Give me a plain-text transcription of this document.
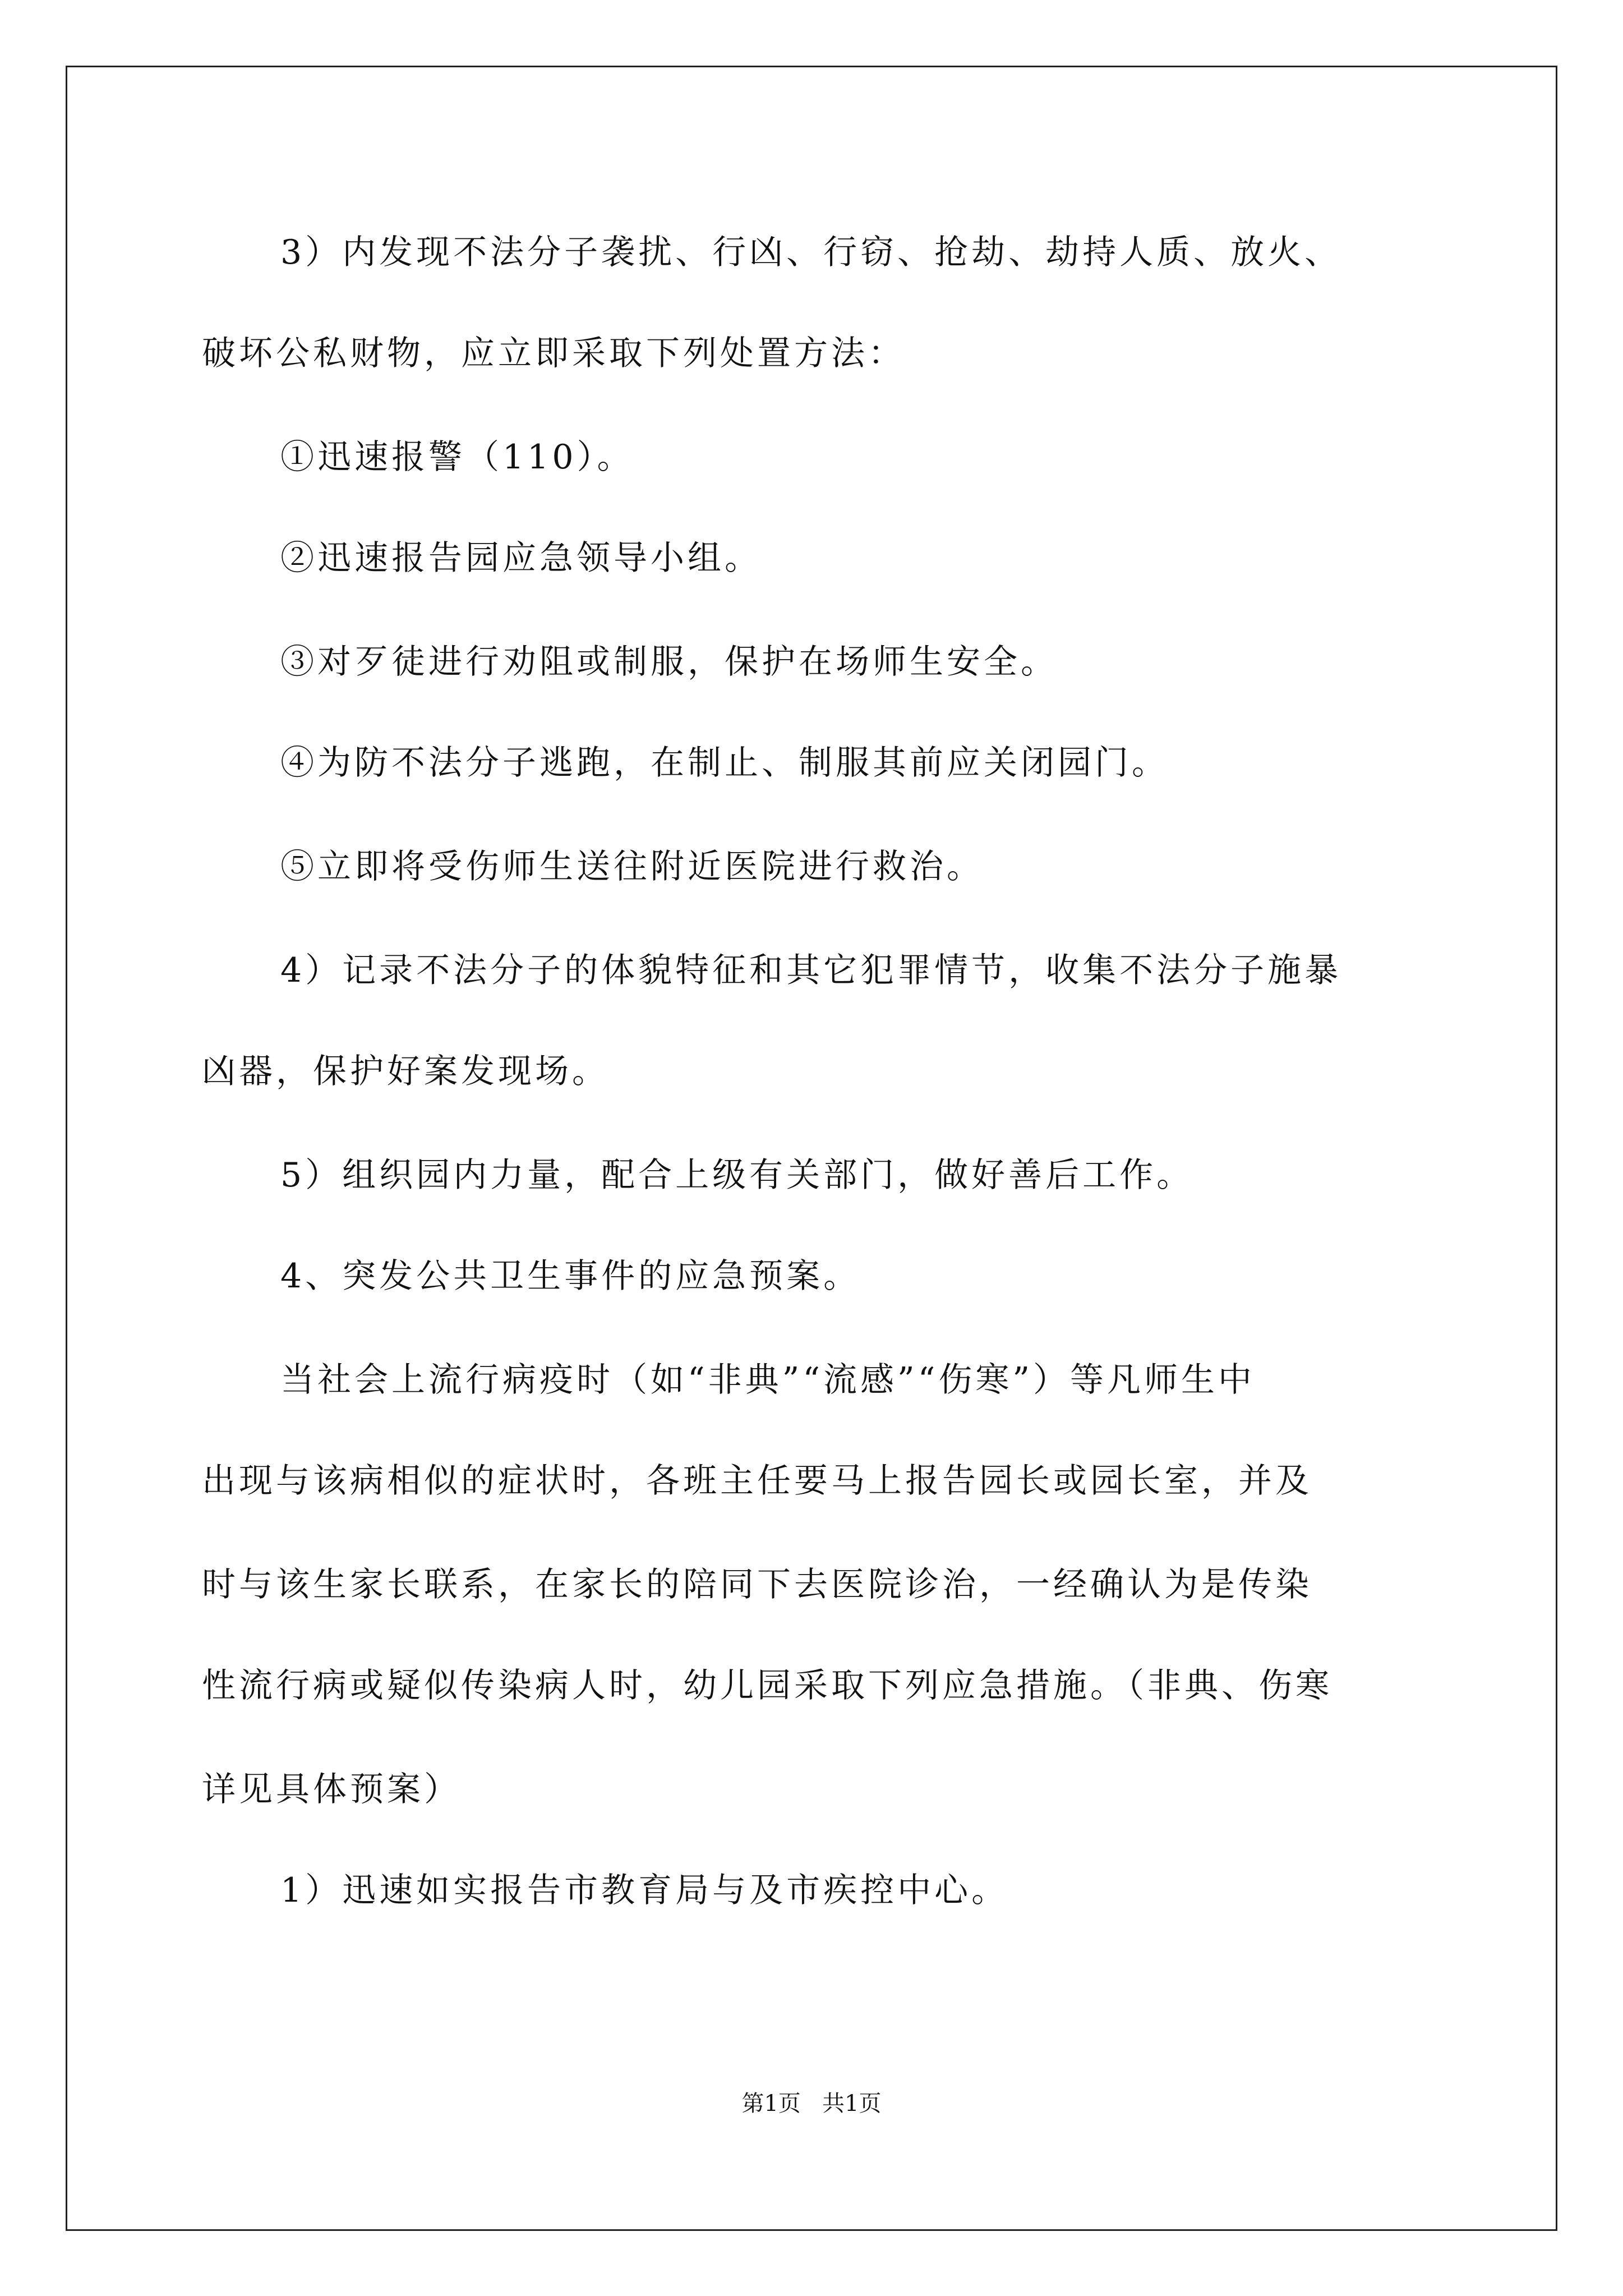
3）内发现不法分子袭扰、行凶、行窃、抢劫、劫持人质、放火、
破坏公私财物，应立即采取下列处置方法：
①迅速报警（110）。
②迅速报告园应急领导小组。
③对歹徒进行劝阻或制服，保护在场师生安全。
④为防不法分子逃跑，在制止、制服其前应关闭园门。
⑤立即将受伤师生送往附近医院进行救治。
4）记录不法分子的体貌特征和其它犯罪情节，收集不法分子施暴
凶器，保护好案发现场。
5）组织园内力量，配合上级有关部门，做好善后工作。
4、突发公共卫生事件的应急预案。
当社会上流行病疫时（如“非典”“流感”“伤寒”）等凡师生中
出现与该病相似的症状时，各班主任要马上报告园长或园长室，并及
时与该生家长联系，在家长的陪同下去医院诊治，一经确认为是传染
性流行病或疑似传染病人时，幼儿园采取下列应急措施。（非典、伤寒
详见具体预案）
1）迅速如实报告市教育局与及市疾控中心。
第1页   共1页
